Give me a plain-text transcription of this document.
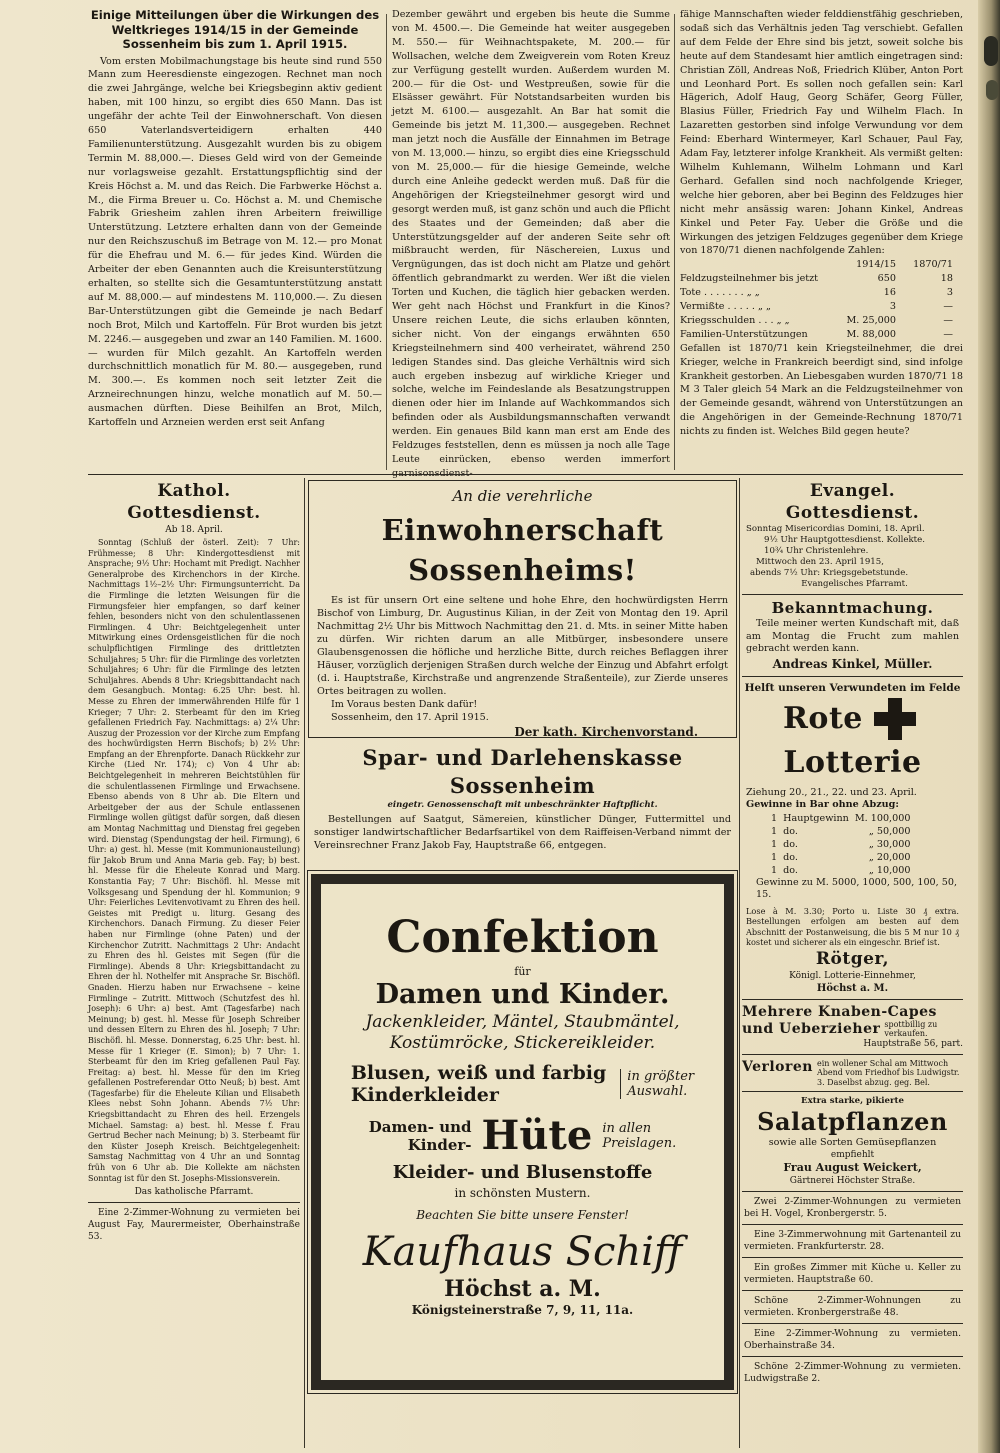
Einige Mitteilungen über die Wirkungen des Weltkrieges 1914/15 in der Gemeinde Sossenheim bis zum 1. April 1915.

Vom ersten Mobilmachungstage bis heute sind rund 550 Mann zum Heeresdienste eingezogen. Rechnet man noch die zwei Jahrgänge, welche bei Kriegsbeginn aktiv gedient haben, mit 100 hinzu, so ergibt dies 650 Mann. Das ist ungefähr der achte Teil der Einwohnerschaft. Von diesen 650 Vaterlandsverteidigern erhalten 440 Familienunterstützung. Ausgezahlt wurden bis zu obigem Termin M. 88,000.—. Dieses Geld wird von der Gemeinde nur vorlagsweise gezahlt. Erstattungspflichtig sind der Kreis Höchst a. M. und das Reich. Die Farbwerke Höchst a. M., die Firma Breuer u. Co. Höchst a. M. und Chemische Fabrik Griesheim zahlen ihren Arbeitern freiwillige Unterstützung. Letztere erhalten dann von der Gemeinde nur den Reichszuschuß im Betrage von M. 12.— pro Monat für die Ehefrau und M. 6.— für jedes Kind. Würden die Arbeiter der eben Genannten auch die Kreisunterstützung erhalten, so stellte sich die Gesamtunterstützung anstatt auf M. 88,000.— auf mindestens M. 110,000.—. Zu diesen Bar-Unterstützungen gibt die Gemeinde je nach Bedarf noch Brot, Milch und Kartoffeln. Für Brot wurden bis jetzt M. 2246.— ausgegeben und zwar an 140 Familien. M. 1600.— wurden für Milch gezahlt. An Kartoffeln werden durchschnittlich monatlich für M. 80.— ausgegeben, rund M. 300.—. Es kommen noch seit letzter Zeit die Arzneirechnungen hinzu, welche monatlich auf M. 50.— ausmachen dürften. Diese Beihilfen an Brot, Milch, Kartoffeln und Arzneien werden erst seit Anfang

Dezember gewährt und ergeben bis heute die Summe von M. 4500.—. Die Gemeinde hat weiter ausgegeben M. 550.— für Weihnachtspakete, M. 200.— für Wollsachen, welche dem Zweigverein vom Roten Kreuz zur Verfügung gestellt wurden. Außerdem wurden M. 200.— für die Ost- und Westpreußen, sowie für die Elsässer gewährt. Für Notstandsarbeiten wurden bis jetzt M. 6100.— ausgezahlt. An Bar hat somit die Gemeinde bis jetzt M. 11,300.— ausgegeben. Rechnet man jetzt noch die Ausfälle der Einnahmen im Betrage von M. 13,000.— hinzu, so ergibt dies eine Kriegsschuld von M. 25,000.— für die hiesige Gemeinde, welche durch eine Anleihe gedeckt werden muß. Daß für die Angehörigen der Kriegsteilnehmer gesorgt wird und gesorgt werden muß, ist ganz schön und auch die Pflicht des Staates und der Gemeinden; daß aber die Unterstützungsgelder auf der anderen Seite sehr oft mißbraucht werden, für Näschereien, Luxus und Vergnügungen, das ist doch nicht am Platze und gehört öffentlich gebrandmarkt zu werden. Wer ißt die vielen Torten und Kuchen, die täglich hier gebacken werden. Wer geht nach Höchst und Frankfurt in die Kinos? Unsere reichen Leute, die sichs erlauben könnten, sicher nicht. Von der eingangs erwähnten 650 Kriegsteilnehmern sind 400 verheiratet, während 250 ledigen Standes sind. Das gleiche Verhältnis wird sich auch ergeben insbezug auf wirkliche Krieger und solche, welche im Feindeslande als Besatzungstruppen dienen oder hier im Inlande auf Wachkommandos sich befinden oder als Ausbildungsmannschaften verwandt werden. Ein genaues Bild kann man erst am Ende des Feldzuges feststellen, denn es müssen ja noch alle Tage Leute einrücken, ebenso werden immerfort

fähige Mannschaften wieder felddienstfähig geschrieben, sodaß sich das Verhältnis jeden Tag verschiebt. Gefallen auf dem Felde der Ehre sind bis jetzt, soweit solche bis heute auf dem Standesamt hier amtlich eingetragen sind: Christian Zöll, Andreas Noß, Friedrich Klüber, Anton Port und Leonhard Port. Es sollen noch gefallen sein: Karl Hägerich, Adolf Haug, Georg Schäfer, Georg Füller, Blasius Füller, Friedrich Fay und Wilhelm Flach. In Lazaretten gestorben sind infolge Verwundung vor dem Feind: Eberhard Wintermeyer, Karl Schauer, Paul Fay, Adam Fay, letzterer infolge Krankheit. Als vermißt gelten: Wilhelm Kuhlemann, Wilhelm Lohmann und Karl Gerhard. Gefallen sind noch nachfolgende Krieger, welche hier geboren, aber bei Beginn des Feldzuges hier nicht mehr ansässig waren: Johann Kinkel, Andreas Kinkel und Peter Fay. Ueber die Größe und die Wirkungen des jetzigen Feldzuges gegenüber dem Kriege von 1870/71 dienen nachfolgende Zahlen:

	1914/15	1870/71
Feldzugsteilnehmer bis jetzt	650	18
Tote . . . . . . . „ „	16	3
Vermißte . . . . . „ „	3	—
Kriegsschulden . . . „ „	M. 25,000	—
Familien-Unterstützungen	M. 88,000	—

Gefallen ist 1870/71 kein Kriegsteilnehmer, die drei Krieger, welche in Frankreich beerdigt sind, sind infolge Krankheit gestorben. An Liebesgaben wurden 1870/71 18 M 3 Taler gleich 54 Mark an die Feldzugsteilnehmer von der Gemeinde gesandt, während von Unterstützungen an die Angehörigen in der Gemeinde-Rechnung 1870/71 nichts zu finden ist. Welches Bild gegen heute?

Kathol. Gottesdienst.
Ab 18. April.

Sonntag (Schluß der österl. Zeit): 7 Uhr: Frühmesse; 8 Uhr: Kindergottesdienst mit Ansprache; 9½ Uhr: Hochamt mit Predigt. Nachher Generalprobe des Kirchenchors in der Kirche. Nachmittags 1½–2½ Uhr: Firmungsunterricht. Da die Firmlinge die letzten Weisungen für die Firmungsfeier hier empfangen, so darf keiner fehlen, besonders nicht von den schulentlassenen Firmlingen. 4 Uhr: Beichtgelegenheit unter Mitwirkung eines Ordensgeistlichen für die noch schulpflichtigen Firmlinge des drittletzten Schuljahres; 5 Uhr: für die Firmlinge des vorletzten Schuljahres; 6 Uhr: für die Firmlinge des letzten Schuljahres. Abends 8 Uhr: Kriegsbittandacht nach dem Gesangbuch. Montag: 6.25 Uhr: best. hl. Messe zu Ehren der immerwährenden Hilfe für 1 Krieger; 7 Uhr: 2. Sterbeamt für den im Krieg gefallenen Friedrich Fay. Nachmittags: a) 2¼ Uhr: Auszug der Prozession vor der Kirche zum Empfang des hochwürdigsten Herrn Bischofs; b) 2½ Uhr: Empfang an der Ehrenpforte. Danach Rückkehr zur Kirche (Lied Nr. 174); c) Von 4 Uhr ab: Beichtgelegenheit in mehreren Beichtstühlen für die schulentlassenen Firmlinge und Erwachsene. Ebenso abends von 8 Uhr ab. Die Eltern und Arbeitgeber der aus der Schule entlassenen Firmlinge wollen gütigst dafür sorgen, daß diesen am Montag Nachmittag und Dienstag frei gegeben wird. Dienstag (Spendungstag der heil. Firmung), 6 Uhr: a) gest. hl. Messe (mit Kommunionausteilung) für Jakob Brum und Anna Maria geb. Fay; b) best. hl. Messe für die Eheleute Konrad und Marg. Konstantia Fay; 7 Uhr: Bischöfl. hl. Messe mit Volksgesang und Spendung der hl. Kommunion; 9 Uhr: Feierliches Levitenvotivamt zu Ehren des heil. Geistes mit Predigt u. liturg. Gesang des Kirchenchors. Danach Firmung. Zu dieser Feier haben nur Firmlinge (ohne Paten) und der Kirchenchor Zutritt. Nachmittags 2 Uhr: Andacht zu Ehren des hl. Geistes mit Segen (für die Firmlinge). Abends 8 Uhr: Kriegsbittandacht zu Ehren der hl. Nothelfer mit Ansprache Sr. Bischöfl. Gnaden. Hierzu haben nur Erwachsene – keine Firmlinge – Zutritt. Mittwoch (Schutzfest des hl. Joseph): 6 Uhr: a) best. Amt (Tagesfarbe) nach Meinung; b) gest. hl. Messe für Joseph Schreiber und dessen Eltern zu Ehren des hl. Joseph; 7 Uhr: Bischöfl. hl. Messe. Donnerstag, 6.25 Uhr: best. hl. Messe für 1 Krieger (E. Simon); b) 7 Uhr: 1. Sterbeamt für den im Krieg gefallenen Paul Fay. Freitag: a) best. hl. Messe für den im Krieg gefallenen Postreferendar Otto Neuß; b) best. Amt (Tagesfarbe) für die Eheleute Kilian und Elisabeth Klees nebst Sohn Johann. Abends 7½ Uhr: Kriegsbittandacht zu Ehren des heil. Erzengels Michael. Samstag: a) best. hl. Messe f. Frau Gertrud Becher nach Meinung; b) 3. Sterbeamt für den Küster Joseph Kreisch. Beichtgelegenheit: Samstag Nachmittag von 4 Uhr an und Sonntag früh von 6 Uhr ab. Die Kollekte am nächsten Sonntag ist für den St. Josephs-Missionsverein.

Das katholische Pfarramt.

Eine 2-Zimmer-Wohnung zu vermieten bei August Fay, Maurermeister, Oberhainstraße 53.

An die verehrliche
Einwohnerschaft Sossenheims!

Es ist für unsern Ort eine seltene und hohe Ehre, den hochwürdigsten Herrn Bischof von Limburg, Dr. Augustinus Kilian, in der Zeit von Montag den 19. April Nachmittag 2½ Uhr bis Mittwoch Nachmittag den 21. d. Mts. in seiner Mitte haben zu dürfen. Wir richten darum an alle Mitbürger, insbesondere unsere Glaubensgenossen die höfliche und herzliche Bitte, durch reiches Beflaggen ihrer Häuser, vorzüglich derjenigen Straßen durch welche der Einzug und Abfahrt erfolgt (d. i. Hauptstraße, Kirchstraße und angrenzende Straßenteile), zur Zierde unseres Ortes beitragen zu wollen.

Im Voraus besten Dank dafür!

Sossenheim, den 17. April 1915.

Der kath. Kirchenvorstand.
Spar- und Darlehenskasse Sossenheim
eingetr. Genossenschaft mit unbeschränkter Haftpflicht.

Bestellungen auf Saatgut, Sämereien, künstlicher Dünger, Futtermittel und sonstiger landwirtschaftlicher Bedarfsartikel von dem Raiffeisen-Verband nimmt der Vereinsrechner Franz Jakob Fay, Hauptstraße 66, entgegen.

Confektion
für
Damen und Kinder.
Jackenkleider, Mäntel, Staubmäntel,
Kostümröcke, Stickereikleider.
Blusen, weiß und farbig
Kinderkleider
in größter
Auswahl.
Damen- und
Kinder- Hüte in allen
Preislagen.
Kleider- und Blusenstoffe
in schönsten Mustern.
Beachten Sie bitte unsere Fenster!
Kaufhaus Schiff
Höchst a. M.
Königsteinerstraße 7, 9, 11, 11a.
Evangel. Gottesdienst.
Sonntag Misericordias Domini, 18. April.
9½ Uhr Hauptgottesdienst. Kollekte.
10¾ Uhr Christenlehre.
Mittwoch den 23. April 1915,
abends 7½ Uhr: Kriegsgebetstunde.
Evangelisches Pfarramt.
Bekanntmachung.

Teile meiner werten Kundschaft mit, daß am Montag die Frucht zum mahlen gebracht werden kann.

Andreas Kinkel, Müller.
Helft unseren Verwundeten im Felde
Rote  Lotterie
Ziehung 20., 21., 22. und 23. April.
Gewinne in Bar ohne Abzug:
1	Hauptgewinn	M. 100,000
1	do.	„ 50,000
1	do.	„ 30,000
1	do.	„ 20,000
1	do.	„ 10,000
Gewinne zu M. 5000, 1000, 500, 100, 50, 15.

Lose à M. 3.30; Porto u. Liste 30 ₰ extra. Bestellungen erfolgen am besten auf dem Abschnitt der Postanweisung, die bis 5 M nur 10 ₰ kostet und sicherer als ein eingeschr. Brief ist.

Rötger,
Königl. Lotterie-Einnehmer,
Höchst a. M.
Mehrere Knaben-Capes
und Ueberzieher spottbillig zu verkaufen.
Hauptstraße 56, part.
Verloren ein wollener Schal am Mittwoch Abend vom Friedhof bis Ludwigstr. 3. Daselbst abzug. geg. Bel.
Extra starke, pikierte
Salatpflanzen
sowie alle Sorten Gemüsepflanzen
empfiehlt
Frau August Weickert,
Gärtnerei Höchster Straße.

Zwei 2-Zimmer-Wohnungen zu vermieten bei H. Vogel, Kronbergerstr. 5.

Eine 3-Zimmerwohnung mit Gartenanteil zu vermieten. Frankfurterstr. 28.

Ein großes Zimmer mit Küche u. Keller zu vermieten. Hauptstraße 60.

Schöne 2-Zimmer-Wohnungen zu vermieten. Kronbergerstraße 48.

Eine 2-Zimmer-Wohnung zu vermieten. Oberhainstraße 34.

Schöne 2-Zimmer-Wohnung zu vermieten. Ludwigstraße 2.
